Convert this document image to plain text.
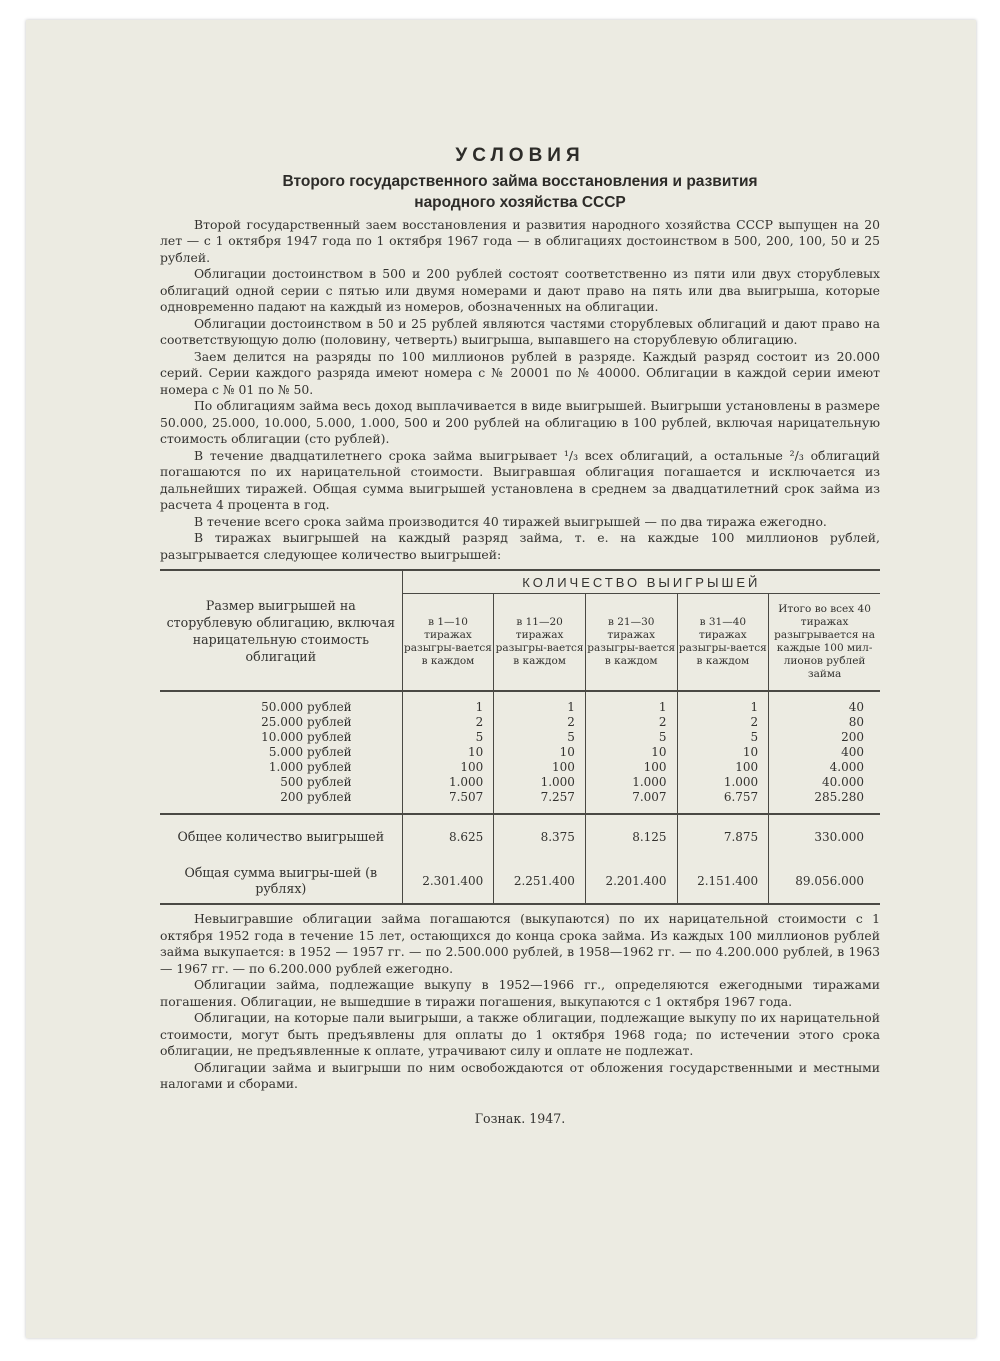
УСЛОВИЯ
Второго государственного займа восстановления и развития
народного хозяйства СССР

Второй государственный заем восстановления и развития народного хозяйства СССР выпущен на 20 лет — с 1 октября 1947 года по 1 октября 1967 года — в облигациях достоинством в 500, 200, 100, 50 и 25 рублей.

Облигации достоинством в 500 и 200 рублей состоят соответственно из пяти или двух сторублевых облигаций одной серии с пятью или двумя номерами и дают право на пять или два выигрыша, которые одновременно падают на каждый из номеров, обозначенных на облигации.

Облигации достоинством в 50 и 25 рублей являются частями сторублевых облигаций и дают право на соответствующую долю (половину, четверть) выигрыша, выпавшего на сторублевую облигацию.

Заем делится на разряды по 100 миллионов рублей в разряде. Каждый разряд состоит из 20.000 серий. Серии каждого разряда имеют номера с № 20001 по № 40000. Облигации в каждой серии имеют номера с № 01 по № 50.

По облигациям займа весь доход выплачивается в виде выигрышей. Выигрыши установлены в размере 50.000, 25.000, 10.000, 5.000, 1.000, 500 и 200 рублей на облигацию в 100 рублей, включая нарицательную стоимость облигации (сто рублей).

В течение двадцатилетнего срока займа выигрывает ¹/₃ всех облигаций, а остальные ²/₃ облигаций погашаются по их нарицательной стоимости. Выигравшая облигация погашается и исключается из дальнейших тиражей. Общая сумма выигрышей установлена в среднем за двадцатилетний срок займа из расчета 4 процента в год.

В течение всего срока займа производится 40 тиражей выигрышей — по два тиража ежегодно.

В тиражах выигрышей на каждый разряд займа, т. е. на каждые 100 миллионов рублей, разыгрывается следующее количество выигрышей:

Размер выигрышей на сторублевую облигацию, включая нарицательную стоимость облигаций	КОЛИЧЕСТВО ВЫИГРЫШЕЙ				
	в 1—10 тиражах разыгры-вается в каждом	в 11—20 тиражах разыгры-вается в каждом	в 21—30 тиражах разыгры-вается в каждом	в 31—40 тиражах разыгры-вается в каждом	Итого во всех 40 тиражах разыгрывается на каждые 100 мил-лионов рублей займа
50.000 рублей	1	1	1	1	40
25.000 рублей	2	2	2	2	80
10.000 рублей	5	5	5	5	200
5.000 рублей	10	10	10	10	400
1.000 рублей	100	100	100	100	4.000
500 рублей	1.000	1.000	1.000	1.000	40.000
200 рублей	7.507	7.257	7.007	6.757	285.280
Общее количество выигрышей	8.625	8.375	8.125	7.875	330.000
Общая сумма выигры-шей (в рублях)	2.301.400	2.251.400	2.201.400	2.151.400	89.056.000

Невыигравшие облигации займа погашаются (выкупаются) по их нарицательной стоимости с 1 октября 1952 года в течение 15 лет, остающихся до конца срока займа. Из каждых 100 миллионов рублей займа выкупается: в 1952 — 1957 гг. — по 2.500.000 рублей, в 1958—1962 гг. — по 4.200.000 рублей, в 1963 — 1967 гг. — по 6.200.000 рублей ежегодно.

Облигации займа, подлежащие выкупу в 1952—1966 гг., определяются ежегодными тиражами погашения. Облигации, не вышедшие в тиражи погашения, выкупаются с 1 октября 1967 года.

Облигации, на которые пали выигрыши, а также облигации, подлежащие выкупу по их нарицательной стоимости, могут быть предъявлены для оплаты до 1 октября 1968 года; по истечении этого срока облигации, не предъявленные к оплате, утрачивают силу и оплате не подлежат.

Облигации займа и выигрыши по ним освобождаются от обложения государственными и местными налогами и сборами.

Гознак. 1947.
